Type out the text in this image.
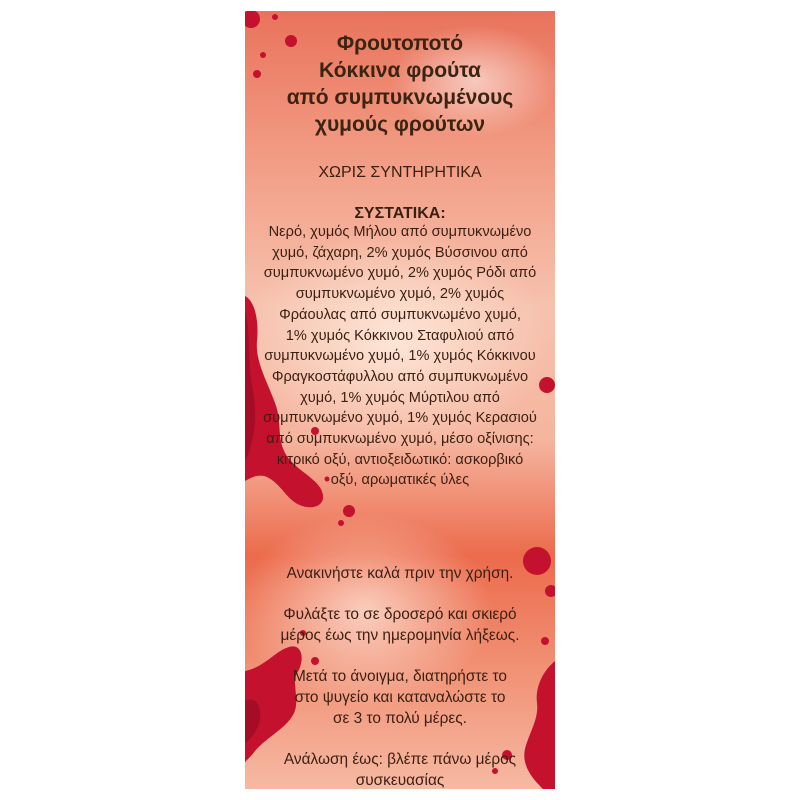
Φρουτοποτό
Κόκκινα φρούτα
από συμπυκνωμένους
χυμούς φρούτων
ΧΩΡΙΣ ΣΥΝΤΗΡΗΤΙΚΑ
ΣΥΣΤΑΤΙΚΑ:
Νερό, χυμός Μήλου από συμπυκνωμένο
χυμό, ζάχαρη, 2% χυμός Βύσσινου από
συμπυκνωμένο χυμό, 2% χυμός Ρόδι από
συμπυκνωμένο χυμό, 2% χυμός
Φράουλας από συμπυκνωμένο χυμό,
1% χυμός Κόκκινου Σταφυλιού από
συμπυκνωμένο χυμό, 1% χυμός Κόκκινου
Φραγκοστάφυλλου από συμπυκνωμένο
χυμό, 1% χυμός Μύρτιλου από
συμπυκνωμένο χυμό, 1% χυμός Κερασιού
από συμπυκνωμένο χυμό, μέσο οξίνισης:
κιτρικό οξύ, αντιοξειδωτικό: ασκορβικό
οξύ, αρωματικές ύλες
Ανακινήστε καλά πριν την χρήση.
Φυλάξτε το σε δροσερό και σκιερό
μέρος έως την ημερομηνία λήξεως.
Μετά το άνοιγμα, διατηρήστε το
στο ψυγείο και καταναλώστε το
σε 3 το πολύ μέρες.
Ανάλωση έως: βλέπε πάνω μέρος
συσκευασίας
